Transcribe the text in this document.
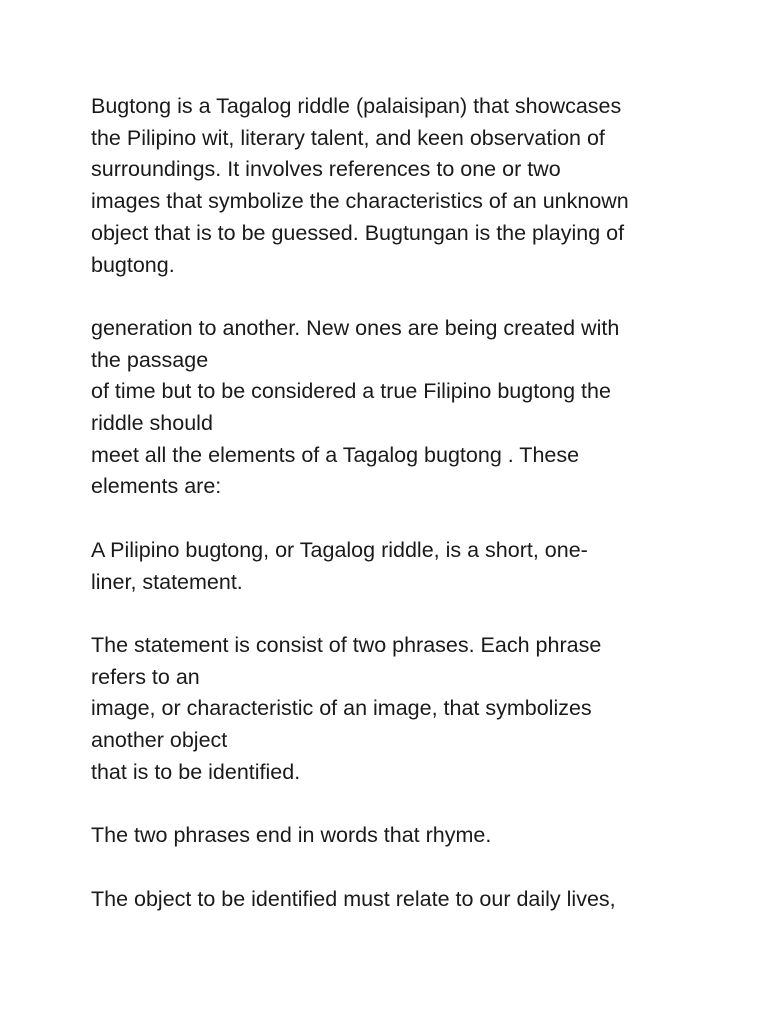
Bugtong is a Tagalog riddle (palaisipan) that showcases
the Pilipino wit, literary talent, and keen observation of
surroundings. It involves references to one or two
images that symbolize the characteristics of an unknown
object that is to be guessed. Bugtungan is the playing of
bugtong.

generation to another. New ones are being created with
the passage
of time but to be considered a true Filipino bugtong the
riddle should
meet all the elements of a Tagalog bugtong . These
elements are:

A Pilipino bugtong, or Tagalog riddle, is a short, one-
liner, statement.

The statement is consist of two phrases. Each phrase
refers to an
image, or characteristic of an image, that symbolizes
another object
that is to be identified.

The two phrases end in words that rhyme.

The object to be identified must relate to our daily lives,
